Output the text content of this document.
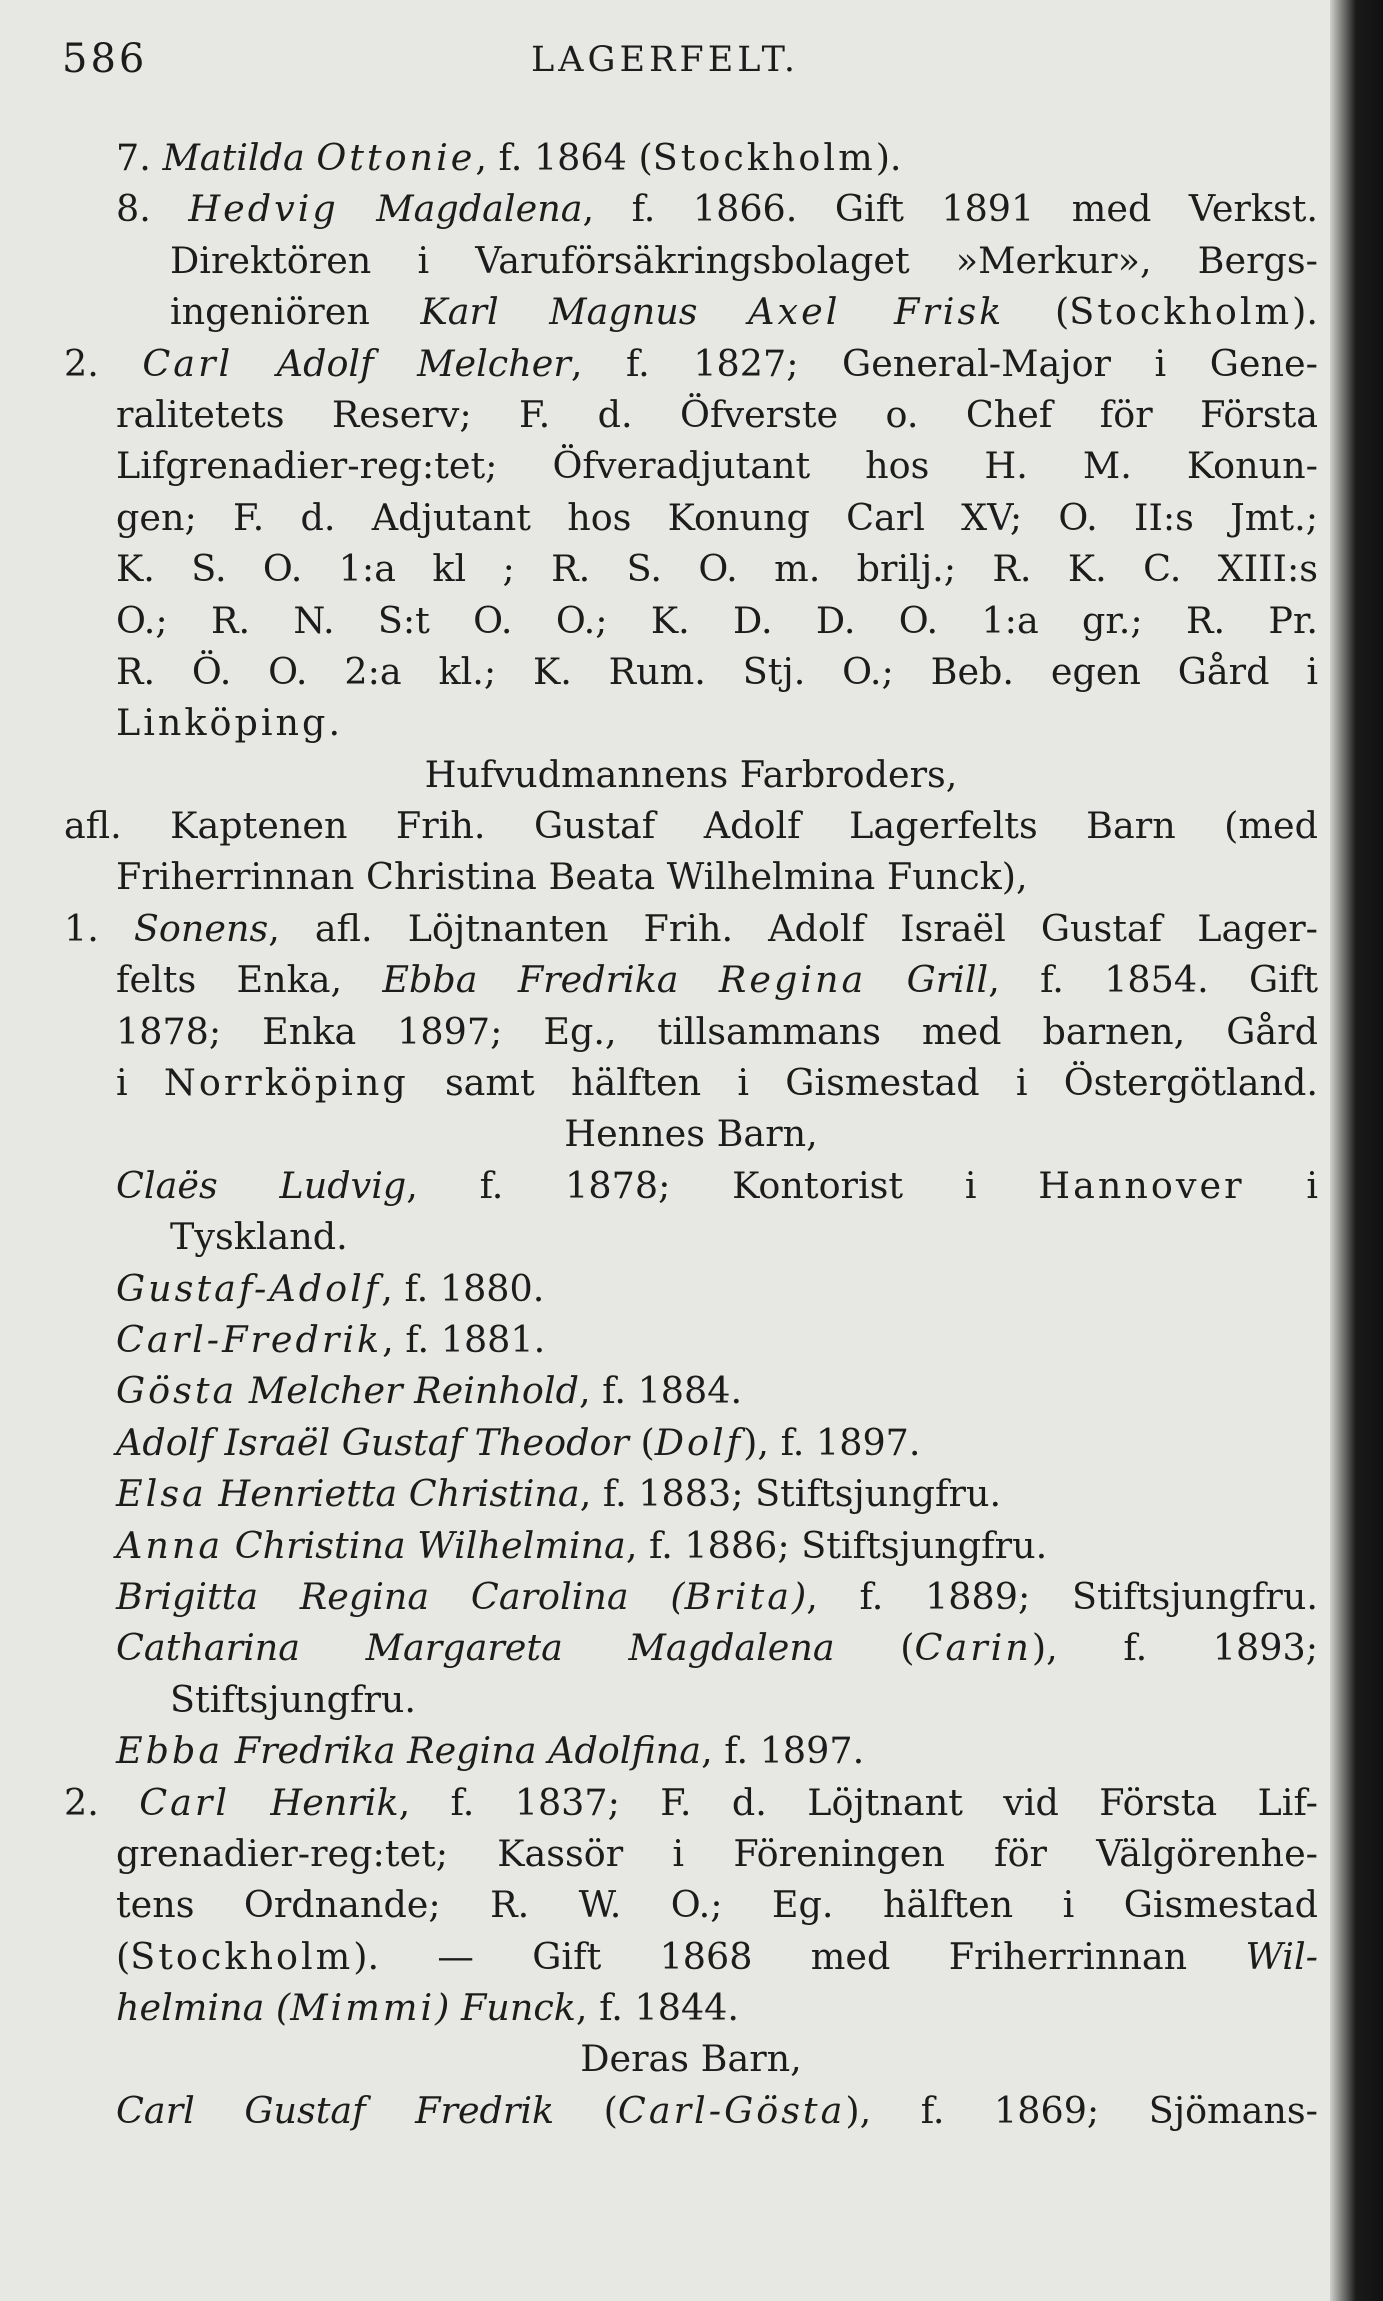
586	LAGERFELT.
7. Matilda Ottonie, f. 1864 (Stockholm).
8. Hedvig Magdalena, f. 1866. Gift 1891 med Verkst.
Direktören i Varuförsäkringsbolaget »Merkur», Bergs-
ingeniören Karl Magnus Axel Frisk (Stockholm).
2. Carl Adolf Melcher, f. 1827; General-Major i Gene-
ralitetets Reserv; F. d. Öfverste o. Chef för Första
Lifgrenadier-reg:tet; Öfveradjutant hos H. M. Konun-
gen; F. d. Adjutant hos Konung Carl XV; O. II:s Jmt.;
K. S. O. 1:a kl ; R. S. O. m. brilj.; R. K. C. XIII:s
O.; R. N. S:t O. O.; K. D. D. O. 1:a gr.; R. Pr.
R. Ö. O. 2:a kl.; K. Rum. Stj. O.; Beb. egen Gård i
Linköping.
Hufvudmannens Farbroders,
afl. Kaptenen Frih. Gustaf Adolf Lagerfelts Barn (med
Friherrinnan Christina Beata Wilhelmina Funck),
1. Sonens, afl. Löjtnanten Frih. Adolf Israël Gustaf Lager-
felts Enka, Ebba Fredrika Regina Grill, f. 1854. Gift
1878; Enka 1897; Eg., tillsammans med barnen, Gård
i Norrköping samt hälften i Gismestad i Östergötland.
Hennes Barn,
Claës Ludvig, f. 1878; Kontorist i Hannover i
Tyskland.
Gustaf-Adolf, f. 1880.
Carl-Fredrik, f. 1881.
Gösta Melcher Reinhold, f. 1884.
Adolf Israël Gustaf Theodor (Dolf), f. 1897.
Elsa Henrietta Christina, f. 1883; Stiftsjungfru.
Anna Christina Wilhelmina, f. 1886; Stiftsjungfru.
Brigitta Regina Carolina (Brita), f. 1889; Stiftsjungfru.
Catharina Margareta Magdalena (Carin), f. 1893;
Stiftsjungfru.
Ebba Fredrika Regina Adolfina, f. 1897.
2. Carl Henrik, f. 1837; F. d. Löjtnant vid Första Lif-
grenadier-reg:tet; Kassör i Föreningen för Välgörenhe-
tens Ordnande; R. W. O.; Eg. hälften i Gismestad
(Stockholm). — Gift 1868 med Friherrinnan Wil-
helmina (Mimmi) Funck, f. 1844.
Deras Barn,
Carl Gustaf Fredrik (Carl-Gösta), f. 1869; Sjömans-
